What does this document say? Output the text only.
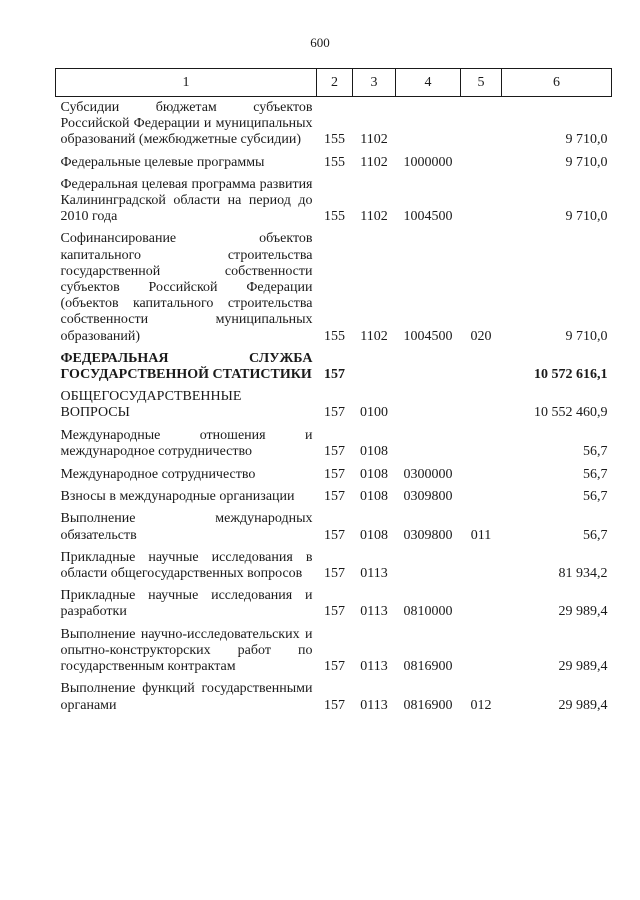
600
1	2	3	4	5	6
Субсидии бюджетам субъектов Российской Федерации и муниципальных образований (межбюджетные субсидии)	155	1102			9 710,0
Федеральные целевые программы	155	1102	1000000		9 710,0
Федеральная целевая программа развития Калининградской области на период до 2010 года	155	1102	1004500		9 710,0
Софинансирование объектов капитального строительства государственной собственности субъектов Российской Федерации (объектов капитального строительства собственности муниципальных образований)	155	1102	1004500	020	9 710,0
ФЕДЕРАЛЬНАЯ СЛУЖБА ГОСУДАРСТВЕННОЙ СТАТИСТИКИ	157				10 572 616,1
ОБЩЕГОСУДАРСТВЕННЫЕ ВОПРОСЫ	157	0100			10 552 460,9
Международные отношения и международное сотрудничество	157	0108			56,7
Международное сотрудничество	157	0108	0300000		56,7
Взносы в международные организации	157	0108	0309800		56,7
Выполнение международных обязательств	157	0108	0309800	011	56,7
Прикладные научные исследования в области общегосударственных вопросов	157	0113			81 934,2
Прикладные научные исследования и разработки	157	0113	0810000		29 989,4
Выполнение научно-исследовательских и опытно-конструкторских работ по государственным контрактам	157	0113	0816900		29 989,4
Выполнение функций государственными органами	157	0113	0816900	012	29 989,4
